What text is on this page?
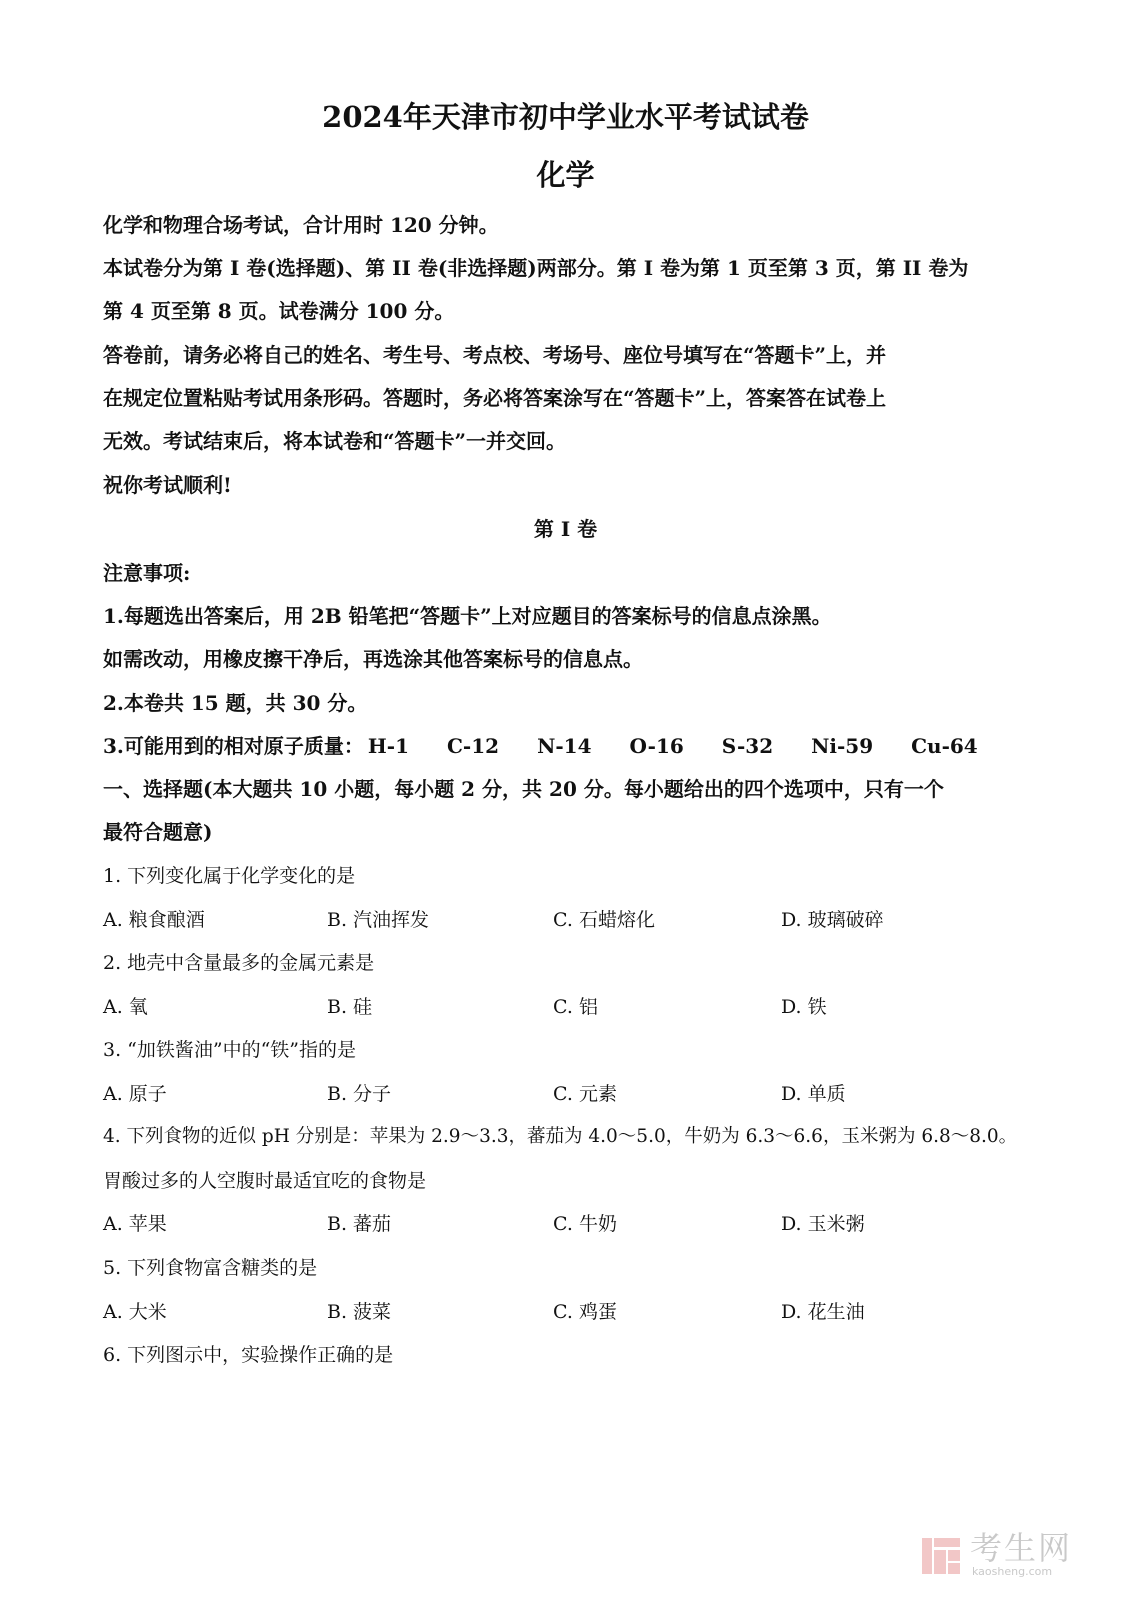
2024年天津市初中学业水平考试试卷
化学
化学和物理合场考试，合计用时 120 分钟。
本试卷分为第 I 卷(选择题)、第 II 卷(非选择题)两部分。第 I 卷为第 1 页至第 3 页，第 II 卷为
第 4 页至第 8 页。试卷满分 100 分。
答卷前，请务必将自己的姓名、考生号、考点校、考场号、座位号填写在“答题卡”上，并
在规定位置粘贴考试用条形码。答题时，务必将答案涂写在“答题卡”上，答案答在试卷上
无效。考试结束后，将本试卷和“答题卡”一并交回。
祝你考试顺利!
第 I 卷
注意事项:
1.每题选出答案后，用 2B 铅笔把“答题卡”上对应题目的答案标号的信息点涂黑。
如需改动，用橡皮擦干净后，再选涂其他答案标号的信息点。
2.本卷共 15 题，共 30 分。
3.可能用到的相对原子质量： H-1 C-12 N-14 O-16 S-32 Ni-59 Cu-64
一、选择题(本大题共 10 小题，每小题 2 分，共 20 分。每小题给出的四个选项中，只有一个
最符合题意)
1. 下列变化属于化学变化的是
A. 粮食酿酒	B. 汽油挥发	C. 石蜡熔化	D. 玻璃破碎
2. 地壳中含量最多的金属元素是
A. 氧	B. 硅	C. 铝	D. 铁
3. “加铁酱油”中的“铁”指的是
A. 原子	B. 分子	C. 元素	D. 单质
4. 下列食物的近似 pH 分别是：苹果为 2.9～3.3，蕃茄为 4.0～5.0，牛奶为 6.3～6.6，玉米粥为 6.8～8.0。
胃酸过多的人空腹时最适宜吃的食物是
A. 苹果	B. 蕃茄	C. 牛奶	D. 玉米粥
5. 下列食物富含糖类的是
A. 大米	B. 菠菜	C. 鸡蛋	D. 花生油
6. 下列图示中，实验操作正确的是
考生网
kaosheng.com
